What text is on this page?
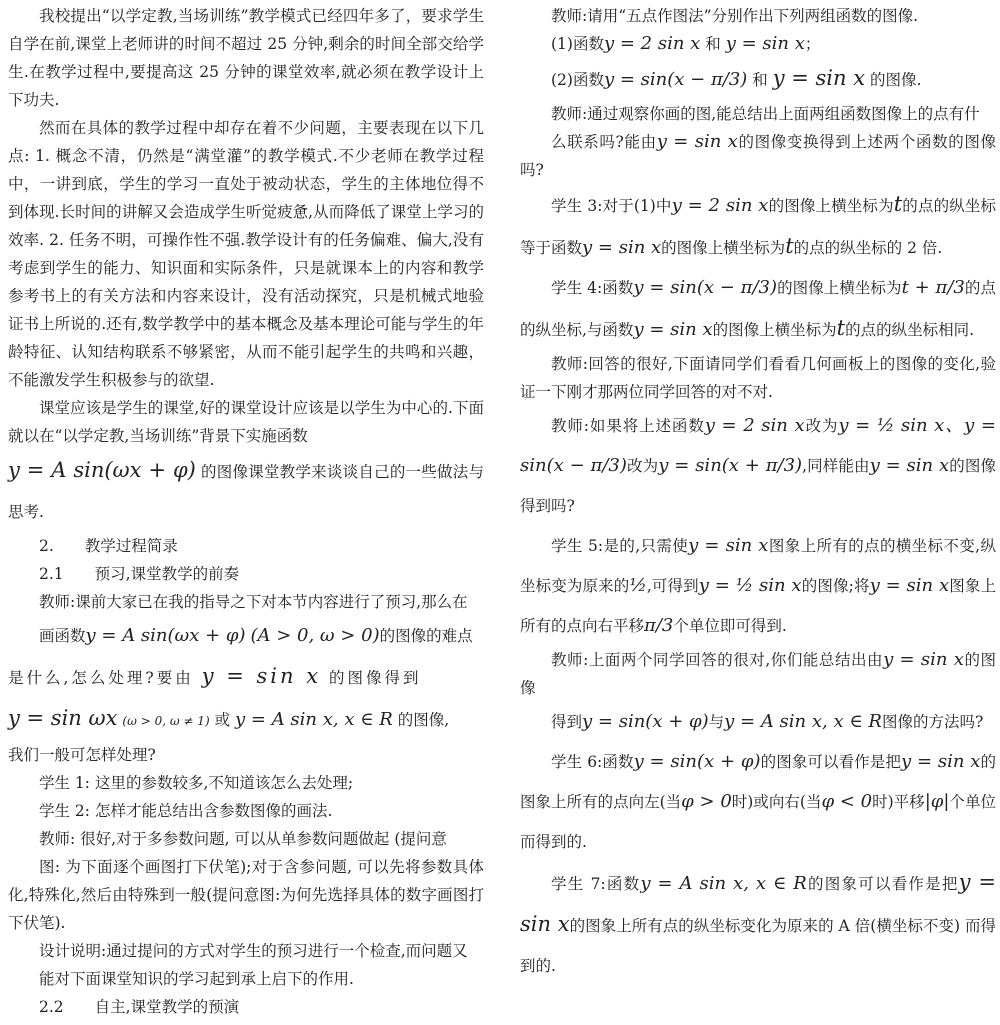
我校提出“以学定教,当场训练”教学模式已经四年多了，要求学生自学在前,课堂上老师讲的时间不超过 25 分钟,剩余的时间全部交给学生.在教学过程中,要提高这 25 分钟的课堂效率,就必须在教学设计上下功夫.

然而在具体的教学过程中却存在着不少问题，主要表现在以下几点: 1. 概念不清，仍然是“满堂灌”的教学模式.不少老师在教学过程中，一讲到底，学生的学习一直处于被动状态，学生的主体地位得不到体现.长时间的讲解又会造成学生听觉疲惫,从而降低了课堂上学习的效率. 2. 任务不明，可操作性不强.教学设计有的任务偏难、偏大,没有考虑到学生的能力、知识面和实际条件，只是就课本上的内容和教学参考书上的有关方法和内容来设计，没有活动探究，只是机械式地验证书上所说的.还有,数学教学中的基本概念及基本理论可能与学生的年龄特征、认知结构联系不够紧密，从而不能引起学生的共鸣和兴趣，不能激发学生积极参与的欲望.

课堂应该是学生的课堂,好的课堂设计应该是以学生为中心的.下面就以在“以学定教,当场训练”背景下实施函数

y = A sin(ωx + φ) 的图像课堂教学来谈谈自己的一些做法与思考.

2.　　教学过程简录

2.1　　预习,课堂教学的前奏

教师:课前大家已在我的指导之下对本节内容进行了预习,那么在

画函数y = A sin(ωx + φ) (A > 0, ω > 0)的图像的难点

是什么,怎么处理?要由 y = sin x 的图像得到

y = sin ωx (ω > 0, ω ≠ 1) 或 y = A sin x, x ∈ R 的图像,

我们一般可怎样处理?

学生 1: 这里的参数较多,不知道该怎么去处理;

学生 2: 怎样才能总结出含参数图像的画法.

教师: 很好,对于多参数问题, 可以从单参数问题做起 (提问意

图: 为下面逐个画图打下伏笔);对于含参问题, 可以先将参数具体化,特殊化,然后由特殊到一般(提问意图:为何先选择具体的数字画图打下伏笔).

设计说明:通过提问的方式对学生的预习进行一个检查,而问题又

能对下面课堂知识的学习起到承上启下的作用.

2.2　　自主,课堂教学的预演

教师:请用“五点作图法”分别作出下列两组函数的图像.

(1)函数y = 2 sin x 和 y = sin x；

(2)函数y = sin(x − π/3) 和 y = sin x 的图像.

教师:通过观察你画的图,能总结出上面两组函数图像上的点有什

么联系吗?能由y = sin x的图像变换得到上述两个函数的图像吗?

学生 3:对于(1)中y = 2 sin x的图像上横坐标为t的点的纵坐标等于函数y = sin x的图像上横坐标为t的点的纵坐标的 2 倍.

学生 4:函数y = sin(x − π/3)的图像上横坐标为t + π/3的点的纵坐标,与函数y = sin x的图像上横坐标为t的点的纵坐标相同.

教师:回答的很好,下面请同学们看看几何画板上的图像的变化,验证一下刚才那两位同学回答的对不对.

教师:如果将上述函数y = 2 sin x改为y = ½ sin x、y = sin(x − π/3)改为y = sin(x + π/3),同样能由y = sin x的图像得到吗?

学生 5:是的,只需使y = sin x图象上所有的点的横坐标不变,纵坐标变为原来的½,可得到y = ½ sin x的图像;将y = sin x图象上所有的点向右平移π/3个单位即可得到.

教师:上面两个同学回答的很对,你们能总结出由y = sin x的图像

得到y = sin(x + φ)与y = A sin x, x ∈ R图像的方法吗?

学生 6:函数y = sin(x + φ)的图象可以看作是把y = sin x的图象上所有的点向左(当φ > 0时)或向右(当φ < 0时)平移|φ|个单位而得到的.

学生 7:函数y = A sin x, x ∈ R的图象可以看作是把y = sin x的图象上所有点的纵坐标变化为原来的 A 倍(横坐标不变) 而得到的.
